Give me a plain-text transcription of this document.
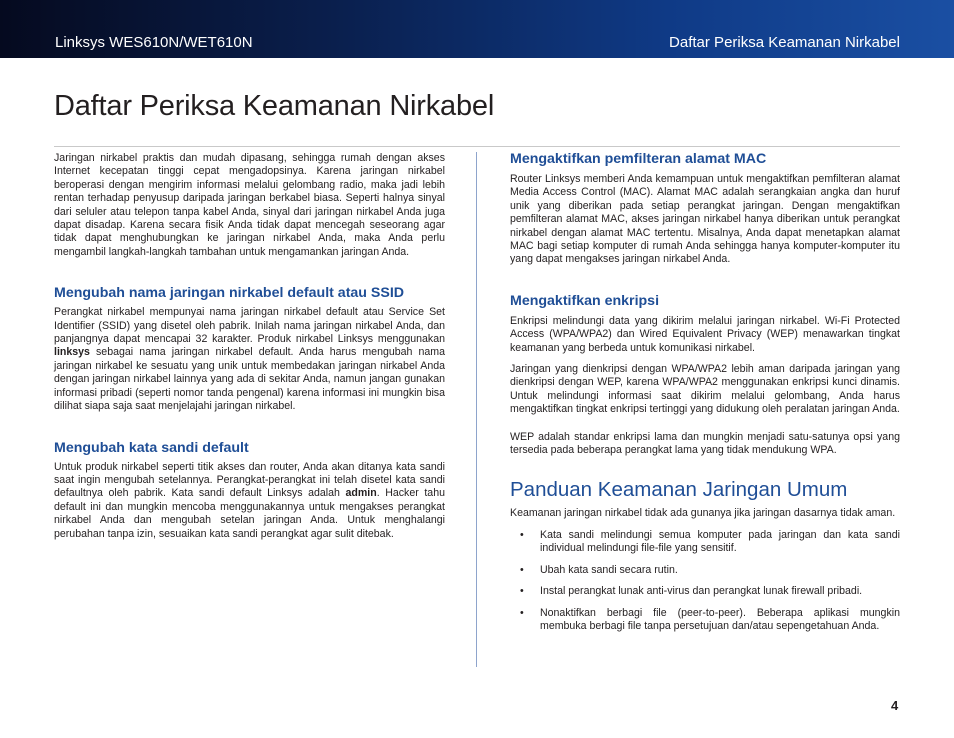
Linksys WES610N/WET610N	Daftar Periksa Keamanan Nirkabel
Daftar Periksa Keamanan Nirkabel

Jaringan nirkabel praktis dan mudah dipasang, sehingga rumah dengan akses Internet kecepatan tinggi cepat mengadopsinya. Karena jaringan nirkabel beroperasi dengan mengirim informasi melalui gelombang radio, maka jadi lebih rentan terhadap penyusup daripada jaringan berkabel biasa. Seperti halnya sinyal dari seluler atau telepon tanpa kabel Anda, sinyal dari jaringan nirkabel Anda juga dapat disadap. Karena secara fisik Anda tidak dapat mencegah seseorang agar tidak dapat menghubungkan ke jaringan nirkabel Anda, maka Anda perlu mengambil langkah-langkah tambahan untuk mengamankan jaringan Anda.

Mengubah nama jaringan nirkabel default atau SSID

Perangkat nirkabel mempunyai nama jaringan nirkabel default atau Service Set Identifier (SSID) yang disetel oleh pabrik. Inilah nama jaringan nirkabel Anda, dan panjangnya dapat mencapai 32 karakter. Produk nirkabel Linksys menggunakan linksys sebagai nama jaringan nirkabel default. Anda harus mengubah nama jaringan nirkabel ke sesuatu yang unik untuk membedakan jaringan nirkabel Anda dengan jaringan nirkabel lainnya yang ada di sekitar Anda, namun jangan gunakan informasi pribadi (seperti nomor tanda pengenal) karena informasi ini mungkin bisa dilihat siapa saja saat menjelajahi jaringan nirkabel.

Mengubah kata sandi default

Untuk produk nirkabel seperti titik akses dan router, Anda akan ditanya kata sandi saat ingin mengubah setelannya. Perangkat-perangkat ini telah disetel kata sandi defaultnya oleh pabrik. Kata sandi default Linksys adalah admin. Hacker tahu default ini dan mungkin mencoba menggunakannya untuk mengakses perangkat nirkabel Anda dan mengubah setelan jaringan Anda. Untuk menghalangi perubahan tanpa izin, sesuaikan kata sandi perangkat agar sulit ditebak.

Mengaktifkan pemfilteran alamat MAC

Router Linksys memberi Anda kemampuan untuk mengaktifkan pemfilteran alamat Media Access Control (MAC). Alamat MAC adalah serangkaian angka dan huruf unik yang diberikan pada setiap perangkat jaringan. Dengan mengaktifkan pemfilteran alamat MAC, akses jaringan nirkabel hanya diberikan untuk perangkat nirkabel dengan alamat MAC tertentu. Misalnya, Anda dapat menetapkan alamat MAC bagi setiap komputer di rumah Anda sehingga hanya komputer-komputer itu yang dapat mengakses jaringan nirkabel Anda.

Mengaktifkan enkripsi

Enkripsi melindungi data yang dikirim melalui jaringan nirkabel. Wi-Fi Protected Access (WPA/WPA2) dan Wired Equivalent Privacy (WEP) menawarkan tingkat keamanan yang berbeda untuk komunikasi nirkabel.

Jaringan yang dienkripsi dengan WPA/WPA2 lebih aman daripada jaringan yang dienkripsi dengan WEP, karena WPA/WPA2 menggunakan enkripsi kunci dinamis. Untuk melindungi informasi saat dikirim melalui gelombang, Anda harus mengaktifkan tingkat enkripsi tertinggi yang didukung oleh peralatan jaringan Anda.

WEP adalah standar enkripsi lama dan mungkin menjadi satu-satunya opsi yang tersedia pada beberapa perangkat lama yang tidak mendukung WPA.

Panduan Keamanan Jaringan Umum

Keamanan jaringan nirkabel tidak ada gunanya jika jaringan dasarnya tidak aman.

• Kata sandi melindungi semua komputer pada jaringan dan kata sandi individual melindungi file-file yang sensitif.
• Ubah kata sandi secara rutin.
• Instal perangkat lunak anti-virus dan perangkat lunak firewall pribadi.
• Nonaktifkan berbagi file (peer-to-peer). Beberapa aplikasi mungkin membuka berbagi file tanpa persetujuan dan/atau sepengetahuan Anda.
4
